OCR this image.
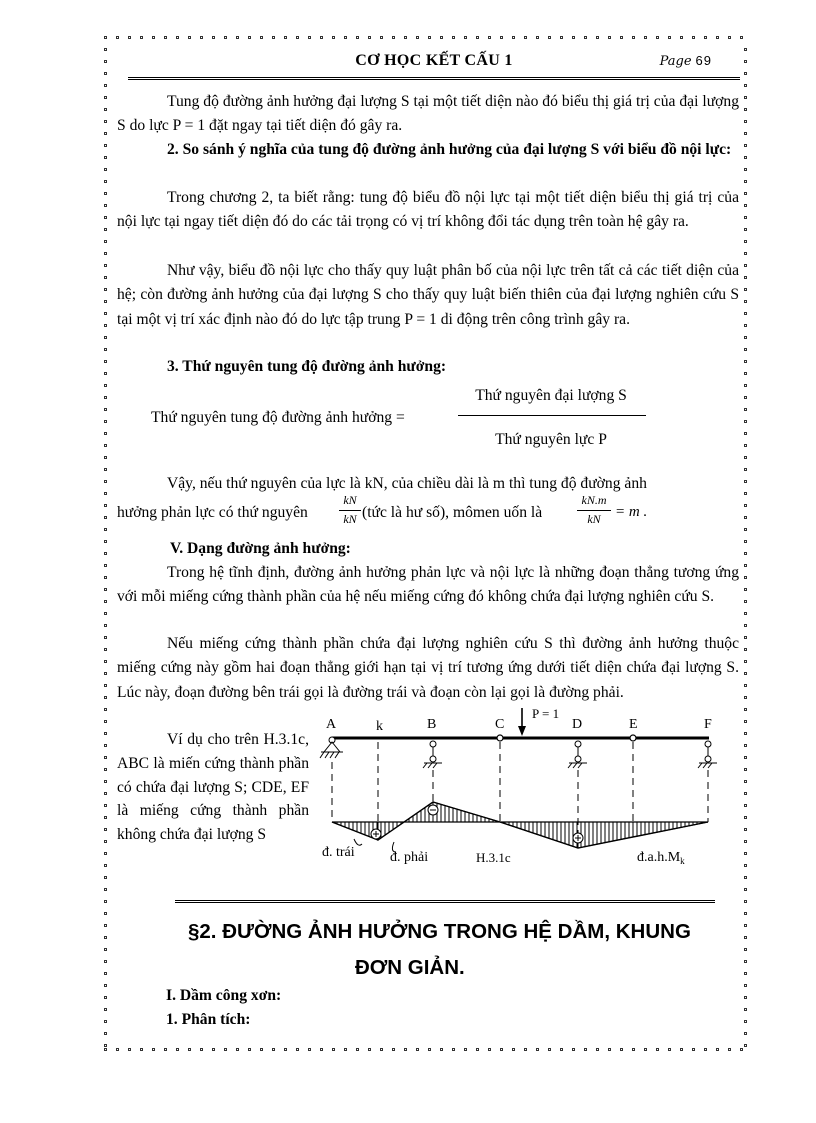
CƠ HỌC KẾT CẤU 1	Page 69
Tung độ đường ảnh hưởng đại lượng S tại một tiết diện nào đó biểu thị giá trị của đại lượng S do lực P = 1 đặt ngay tại tiết diện đó gây ra.
2. So sánh ý nghĩa của tung độ đường ảnh hưởng của đại lượng S với biểu đồ nội lực:
Trong chương 2, ta biết rằng: tung độ biểu đồ nội lực tại một tiết diện biểu thị giá trị của nội lực tại ngay tiết diện đó do các tải trọng có vị trí không đổi tác dụng trên toàn hệ gây ra.
Như vậy, biểu đồ nội lực cho thấy quy luật phân bố của nội lực trên tất cả các tiết diện của hệ; còn đường ảnh hưởng của đại lượng S cho thấy quy luật biến thiên của đại lượng nghiên cứu S tại một vị trí xác định nào đó do lực tập trung P = 1 di động trên công trình gây ra.
3. Thứ nguyên tung độ đường ảnh hưởng:
Thứ nguyên tung độ đường ảnh hưởng =
Thứ nguyên đại lượng S
Thứ nguyên lực P
Vậy, nếu thứ nguyên của lực là kN, của chiều dài là m thì tung độ đường ảnh
hưởng phản lực có thứ nguyên
kN
kN (tức là hư số), mômen uốn là
kN.m
kN = m .
V. Dạng đường ảnh hưởng:
Trong hệ tĩnh định, đường ảnh hưởng phản lực và nội lực là những đoạn thẳng tương ứng với mỗi miếng cứng thành phần của hệ nếu miếng cứng đó không chứa đại lượng nghiên cứu S.
Nếu miếng cứng thành phần chứa đại lượng nghiên cứu S thì đường ảnh hưởng thuộc miếng cứng này gồm hai đoạn thẳng giới hạn tại vị trí tương ứng dưới tiết diện chứa đại lượng S. Lúc này, đoạn đường bên trái gọi là đường trái và đoạn còn lại gọi là đường phải.
Ví dụ cho trên H.3.1c, ABC là miến cứng thành phần có chứa đại lượng S; CDE, EF là miếng cứng thành phần không chứa đại lượng S
A	k	B	C	D	E	F
P = 1
đ. trái	đ. phải	H.3.1c	$đ.a.h.M_k$
§2. ĐƯỜNG ẢNH HƯỞNG TRONG HỆ DẦM, KHUNG
ĐƠN GIẢN.
I. Dầm công xơn:
1. Phân tích:
